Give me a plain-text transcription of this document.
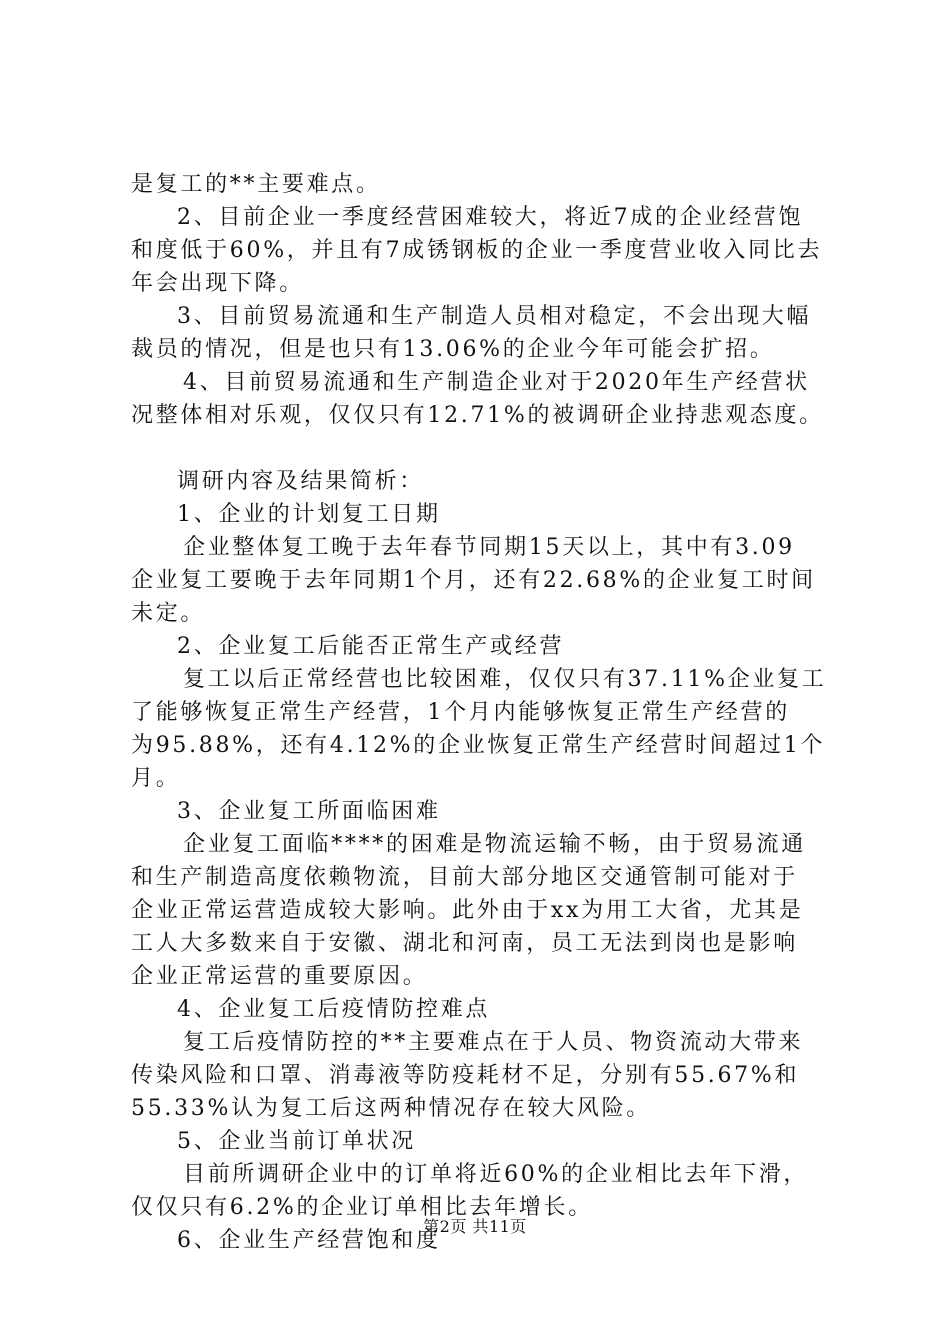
是复工的**主要难点。

2、目前企业一季度经营困难较大，将近7成的企业经营饱

和度低于60%，并且有7成锈钢板的企业一季度营业收入同比去

年会出现下降。

3、目前贸易流通和生产制造人员相对稳定，不会出现大幅

裁员的情况，但是也只有13.06%的企业今年可能会扩招。

4、目前贸易流通和生产制造企业对于2020年生产经营状

况整体相对乐观，仅仅只有12.71%的被调研企业持悲观态度。

调研内容及结果简析：

1、企业的计划复工日期

企业整体复工晚于去年春节同期15天以上，其中有3.09

企业复工要晚于去年同期1个月，还有22.68%的企业复工时间

未定。

2、企业复工后能否正常生产或经营

复工以后正常经营也比较困难，仅仅只有37.11%企业复工

了能够恢复正常生产经营，1个月内能够恢复正常生产经营的

为95.88%，还有4.12%的企业恢复正常生产经营时间超过1个

月。

3、企业复工所面临困难

企业复工面临****的困难是物流运输不畅，由于贸易流通

和生产制造高度依赖物流，目前大部分地区交通管制可能对于

企业正常运营造成较大影响。此外由于xx为用工大省，尤其是

工人大多数来自于安徽、湖北和河南，员工无法到岗也是影响

企业正常运营的重要原因。

4、企业复工后疫情防控难点

复工后疫情防控的**主要难点在于人员、物资流动大带来

传染风险和口罩、消毒液等防疫耗材不足，分别有55.67%和

55.33%认为复工后这两种情况存在较大风险。

5、企业当前订单状况

目前所调研企业中的订单将近60%的企业相比去年下滑，

仅仅只有6.2%的企业订单相比去年增长。

6、企业生产经营饱和度

第2页 共11页
